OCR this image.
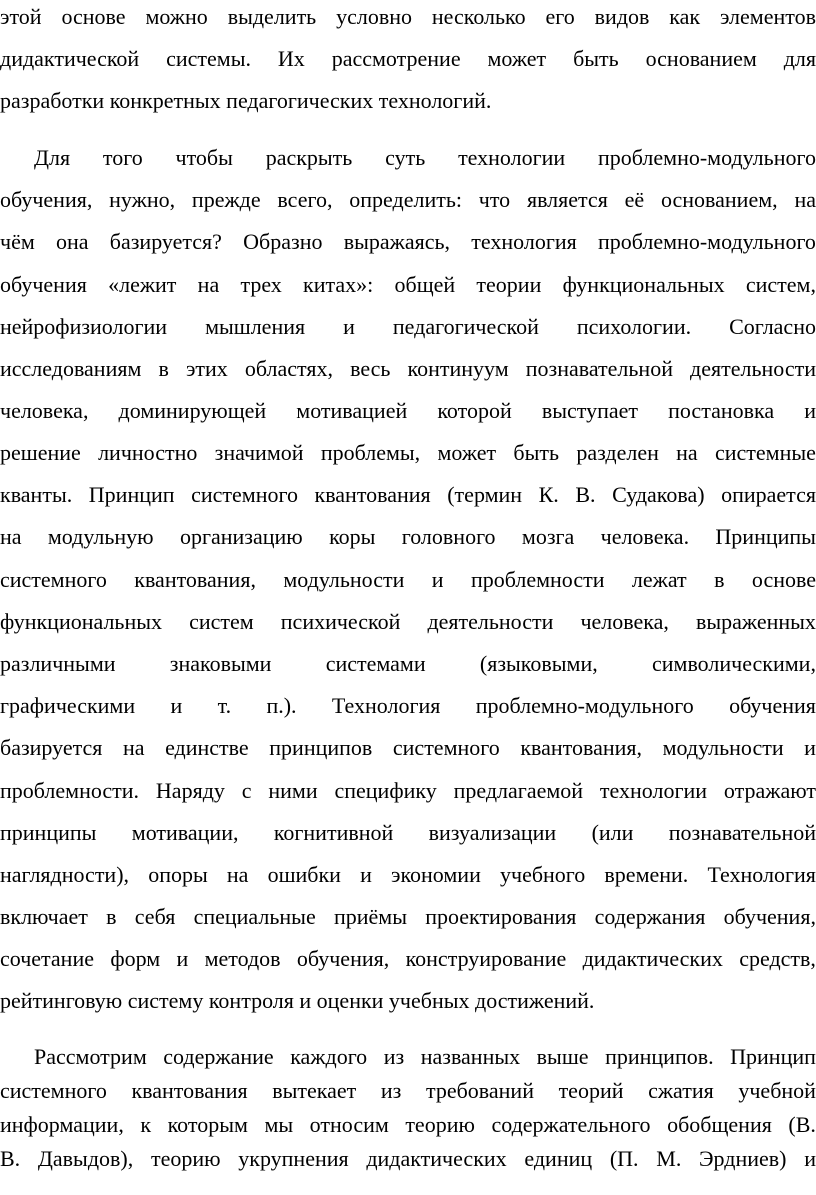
этой основе можно выделить условно несколько его видов как элементов
дидактической системы. Их рассмотрение может быть основанием для
разработки конкретных педагогических технологий.
Для того чтобы раскрыть суть технологии проблемно-модульного
обучения, нужно, прежде всего, определить: что является её основанием, на
чём она базируется? Образно выражаясь, технология проблемно-модульного
обучения «лежит на трех китах»: общей теории функциональных систем,
нейрофизиологии мышления и педагогической психологии. Согласно
исследованиям в этих областях, весь континуум познавательной деятельности
человека, доминирующей мотивацией которой выступает постановка и
решение личностно значимой проблемы, может быть разделен на системные
кванты. Принцип системного квантования (термин К. В. Судакова) опирается
на модульную организацию коры головного мозга человека. Принципы
системного квантования, модульности и проблемности лежат в основе
функциональных систем психической деятельности человека, выраженных
различными знаковыми системами (языковыми, символическими,
графическими и т. п.). Технология проблемно-модульного обучения
базируется на единстве принципов системного квантования, модульности и
проблемности. Наряду с ними специфику предлагаемой технологии отражают
принципы мотивации, когнитивной визуализации (или познавательной
наглядности), опоры на ошибки и экономии учебного времени. Технология
включает в себя специальные приёмы проектирования содержания обучения,
сочетание форм и методов обучения, конструирование дидактических средств,
рейтинговую систему контроля и оценки учебных достижений.
Рассмотрим содержание каждого из названных выше принципов. Принцип
системного квантования вытекает из требований теорий сжатия учебной
информации, к которым мы относим теорию содержательного обобщения (В.
В. Давыдов), теорию укрупнения дидактических единиц (П. М. Эрдниев) и
